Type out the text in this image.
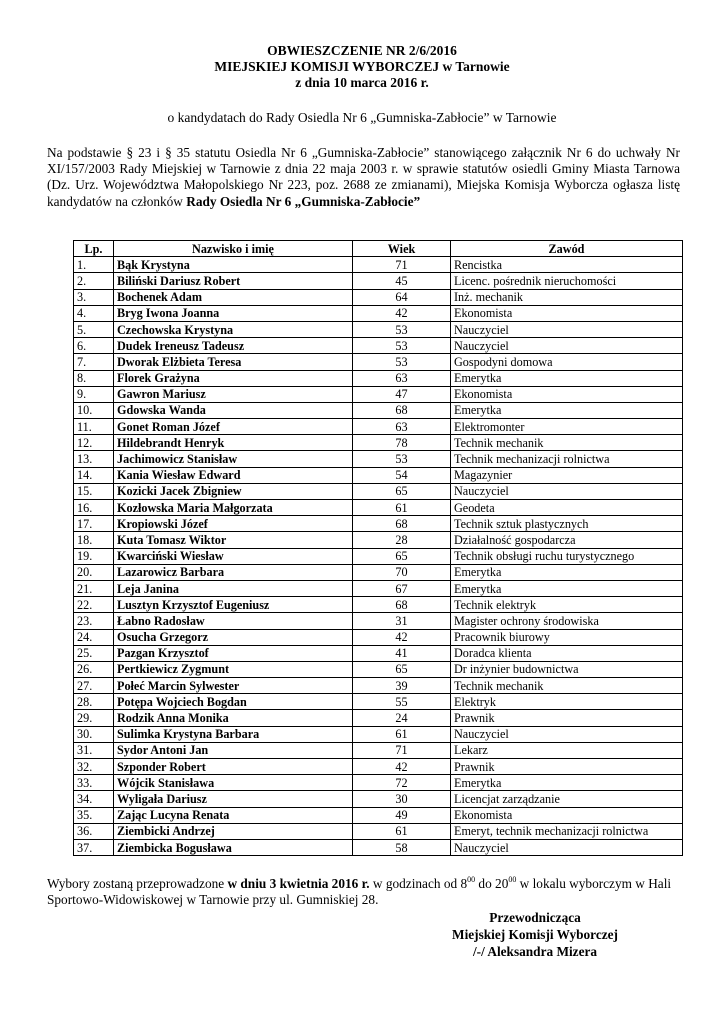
OBWIESZCZENIE NR 2/6/2016
MIEJSKIEJ KOMISJI WYBORCZEJ w Tarnowie
z dnia 10 marca 2016 r.
o kandydatach do Rady Osiedla Nr 6 „Gumniska-Zabłocie” w Tarnowie
Na podstawie § 23 i § 35 statutu Osiedla Nr 6 „Gumniska-Zabłocie” stanowiącego załącznik Nr 6 do uchwały Nr XI/157/2003 Rady Miejskiej w Tarnowie z dnia 22 maja 2003 r. w sprawie statutów osiedli Gminy Miasta Tarnowa (Dz. Urz. Województwa Małopolskiego Nr 223, poz. 2688 ze zmianami), Miejska Komisja Wyborcza ogłasza listę kandydatów na członków Rady Osiedla Nr 6 „Gumniska-Zabłocie”
Lp.	Nazwisko i imię	Wiek	Zawód
1.	Bąk Krystyna	71	Rencistka
2.	Biliński Dariusz Robert	45	Licenc. pośrednik nieruchomości
3.	Bochenek Adam	64	Inż. mechanik
4.	Bryg Iwona Joanna	42	Ekonomista
5.	Czechowska Krystyna	53	Nauczyciel
6.	Dudek Ireneusz Tadeusz	53	Nauczyciel
7.	Dworak Elżbieta Teresa	53	Gospodyni domowa
8.	Florek Grażyna	63	Emerytka
9.	Gawron Mariusz	47	Ekonomista
10.	Gdowska Wanda	68	Emerytka
11.	Gonet Roman Józef	63	Elektromonter
12.	Hildebrandt Henryk	78	Technik mechanik
13.	Jachimowicz Stanisław	53	Technik mechanizacji rolnictwa
14.	Kania Wiesław Edward	54	Magazynier
15.	Kozicki Jacek Zbigniew	65	Nauczyciel
16.	Kozłowska Maria Małgorzata	61	Geodeta
17.	Kropiowski Józef	68	Technik sztuk plastycznych
18.	Kuta Tomasz Wiktor	28	Działalność gospodarcza
19.	Kwarciński Wiesław	65	Technik obsługi ruchu turystycznego
20.	Lazarowicz Barbara	70	Emerytka
21.	Leja Janina	67	Emerytka
22.	Lusztyn Krzysztof Eugeniusz	68	Technik elektryk
23.	Łabno Radosław	31	Magister ochrony środowiska
24.	Osucha Grzegorz	42	Pracownik biurowy
25.	Pazgan Krzysztof	41	Doradca klienta
26.	Pertkiewicz Zygmunt	65	Dr inżynier budownictwa
27.	Połeć Marcin Sylwester	39	Technik mechanik
28.	Potępa Wojciech Bogdan	55	Elektryk
29.	Rodzik Anna Monika	24	Prawnik
30.	Sulimka Krystyna Barbara	61	Nauczyciel
31.	Sydor Antoni Jan	71	Lekarz
32.	Szponder Robert	42	Prawnik
33.	Wójcik Stanisława	72	Emerytka
34.	Wyligała Dariusz	30	Licencjat zarządzanie
35.	Zając Lucyna Renata	49	Ekonomista
36.	Ziembicki Andrzej	61	Emeryt, technik mechanizacji rolnictwa
37.	Ziembicka Bogusława	58	Nauczyciel
Wybory zostaną przeprowadzone w dniu 3 kwietnia 2016 r. w godzinach od $8^{00}$ do $20^{00}$ w lokalu wyborczym w Hali Sportowo-Widowiskowej w Tarnowie przy ul. Gumniskiej 28.
Przewodnicząca
Miejskiej Komisji Wyborczej
/-/ Aleksandra Mizera
